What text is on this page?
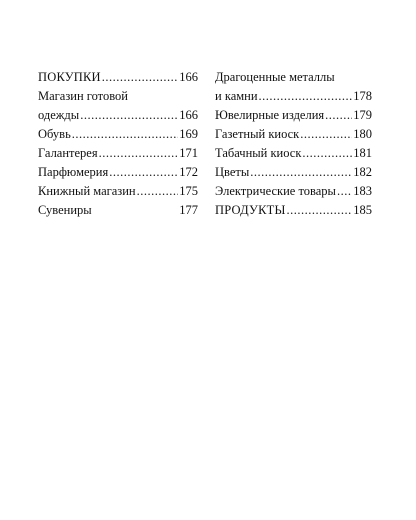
ПОКУПКИ .....	166
Магазин готовой
одежды .....	166
Обувь .....	169
Галантерея .....	171
Парфюмерия .....	172
Книжный магазин .....	175
Сувениры	177
Драгоценные металлы
и камни .....	178
Ювелирные изделия ..... 179
Газетный киоск .....	180
Табачный киоск .....	181
Цветы .....	182
Электрические товары ..... 183
ПРОДУКТЫ .....	185
